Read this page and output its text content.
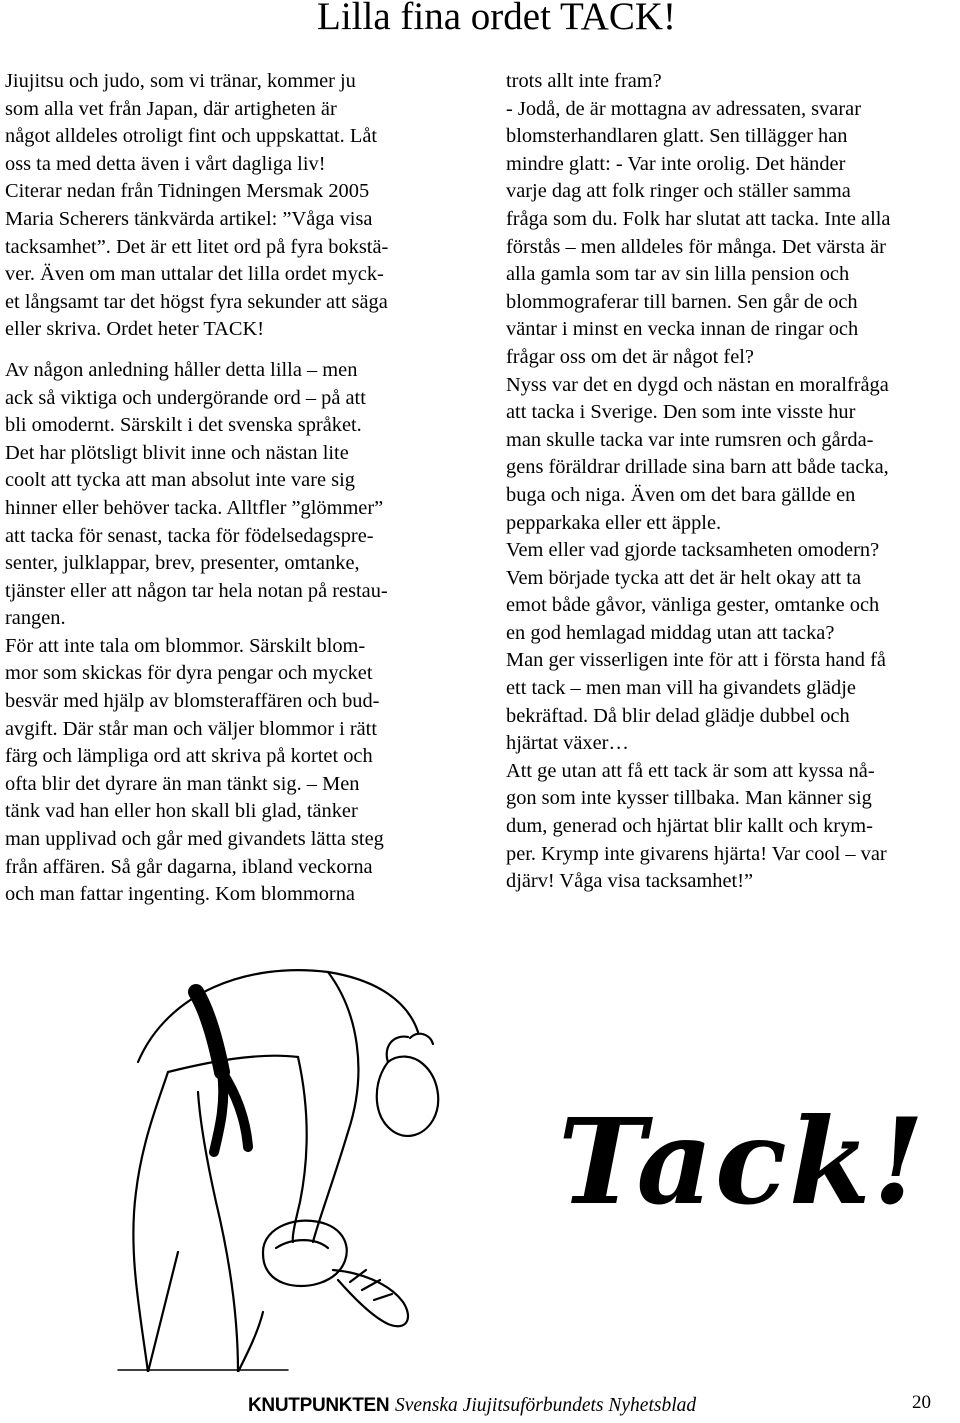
Lilla fina ordet TACK!

Jiujitsu och judo, som vi tränar, kommer ju

som alla vet från Japan, där artigheten är

något alldeles otroligt fint och uppskattat. Låt

oss ta med detta även i vårt dagliga liv!

Citerar nedan från Tidningen Mersmak 2005

Maria Scherers tänkvärda artikel: ”Våga visa

tacksamhet”. Det är ett litet ord på fyra bokstä-

ver. Även om man uttalar det lilla ordet myck-

et långsamt tar det högst fyra sekunder att säga

eller skriva. Ordet heter TACK!

Av någon anledning håller detta lilla – men

ack så viktiga och undergörande ord – på att

bli omodernt. Särskilt i det svenska språket.

Det har plötsligt blivit inne och nästan lite

coolt att tycka att man absolut inte vare sig

hinner eller behöver tacka. Alltfler ”glömmer”

att tacka för senast, tacka för födelsedagspre-

senter, julklappar, brev, presenter, omtanke,

tjänster eller att någon tar hela notan på restau-

rangen.

För att inte tala om blommor. Särskilt blom-

mor som skickas för dyra pengar och mycket

besvär med hjälp av blomsteraffären och bud-

avgift. Där står man och väljer blommor i rätt

färg och lämpliga ord att skriva på kortet och

ofta blir det dyrare än man tänkt sig. – Men

tänk vad han eller hon skall bli glad, tänker

man upplivad och går med givandets lätta steg

från affären. Så går dagarna, ibland veckorna

och man fattar ingenting. Kom blommorna

trots allt inte fram?

- Jodå, de är mottagna av adressaten, svarar

blomsterhandlaren glatt. Sen tillägger han

mindre glatt: - Var inte orolig. Det händer

varje dag att folk ringer och ställer samma

fråga som du. Folk har slutat att tacka. Inte alla

förstås – men alldeles för många. Det värsta är

alla gamla som tar av sin lilla pension och

blommograferar till barnen. Sen går de och

väntar i minst en vecka innan de ringar och

frågar oss om det är något fel?

Nyss var det en dygd och nästan en moralfråga

att tacka i Sverige. Den som inte visste hur

man skulle tacka var inte rumsren och gårda-

gens föräldrar drillade sina barn att både tacka,

buga och niga. Även om det bara gällde en

pepparkaka eller ett äpple.

Vem eller vad gjorde tacksamheten omodern?

Vem började tycka att det är helt okay att ta

emot både gåvor, vänliga gester, omtanke och

en god hemlagad middag utan att tacka?

Man ger visserligen inte för att i första hand få

ett tack – men man vill ha givandets glädje

bekräftad. Då blir delad glädje dubbel och

hjärtat växer…

Att ge utan att få ett tack är som att kyssa nå-

gon som inte kysser tillbaka. Man känner sig

dum, generad och hjärtat blir kallt och krym-

per. Krymp inte givarens hjärta! Var cool – var

djärv! Våga visa tacksamhet!”

Tack!
KNUTPUNKTEN Svenska Jiujitsuförbundets Nyhetsblad	20
